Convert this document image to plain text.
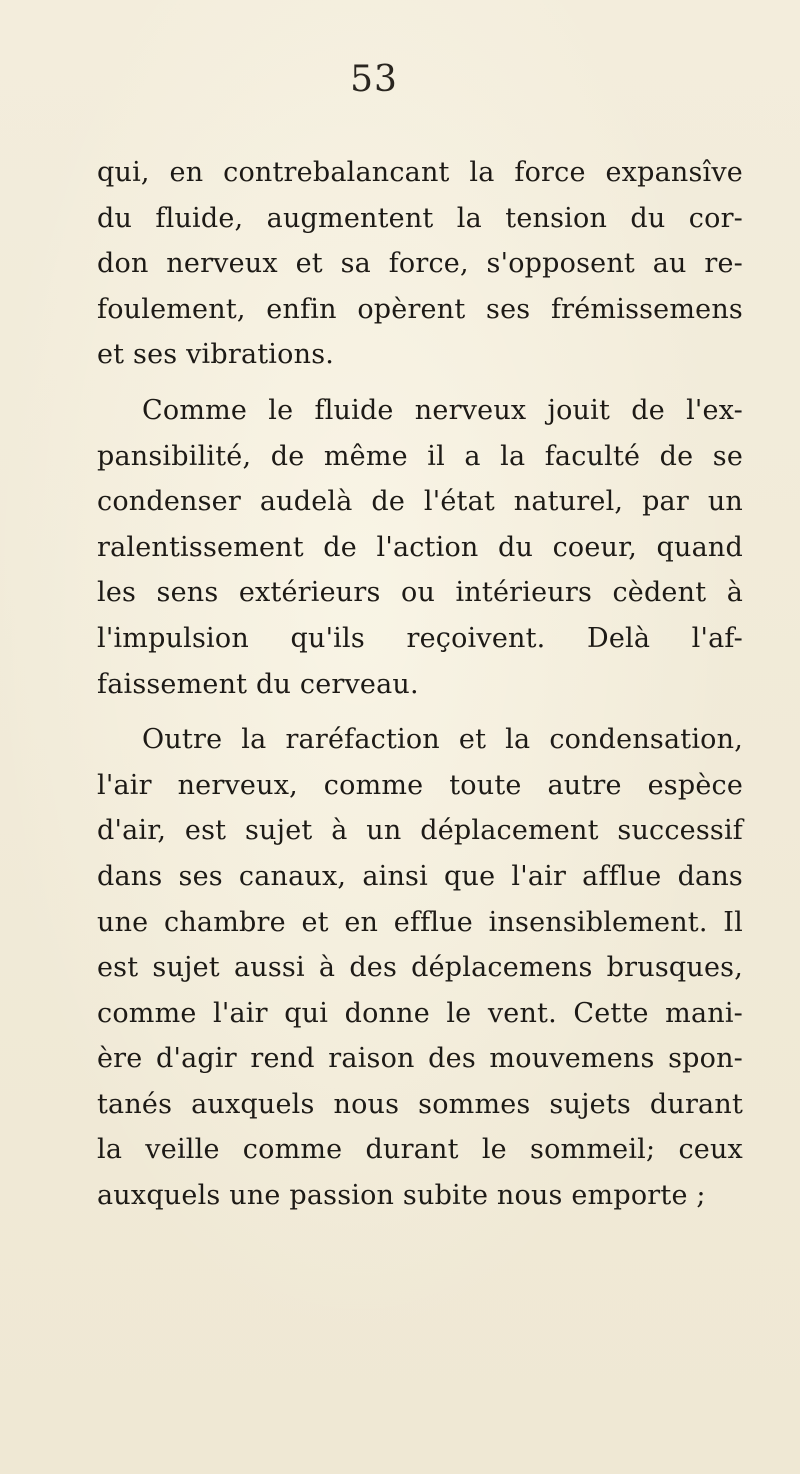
53
qui, en contrebalancant la force expansîve
du fluide, augmentent la tension du cor-
don nerveux et sa force, s'opposent au re-
foulement, enfin opèrent ses frémissemens
et ses vibrations.
Comme le fluide nerveux jouit de l'ex-
pansibilité, de même il a la faculté de se
condenser audelà de l'état naturel, par un
ralentissement de l'action du coeur, quand
les sens extérieurs ou intérieurs cèdent à
l'impulsion qu'ils reçoivent. Delà l'af-
faissement du cerveau.
Outre la raréfaction et la condensation,
l'air nerveux, comme toute autre espèce
d'air, est sujet à un déplacement successif
dans ses canaux, ainsi que l'air afflue dans
une chambre et en efflue insensiblement. Il
est sujet aussi à des déplacemens brusques,
comme l'air qui donne le vent. Cette mani-
ère d'agir rend raison des mouvemens spon-
tanés auxquels nous sommes sujets durant
la veille comme durant le sommeil; ceux
auxquels une passion subite nous emporte ;
